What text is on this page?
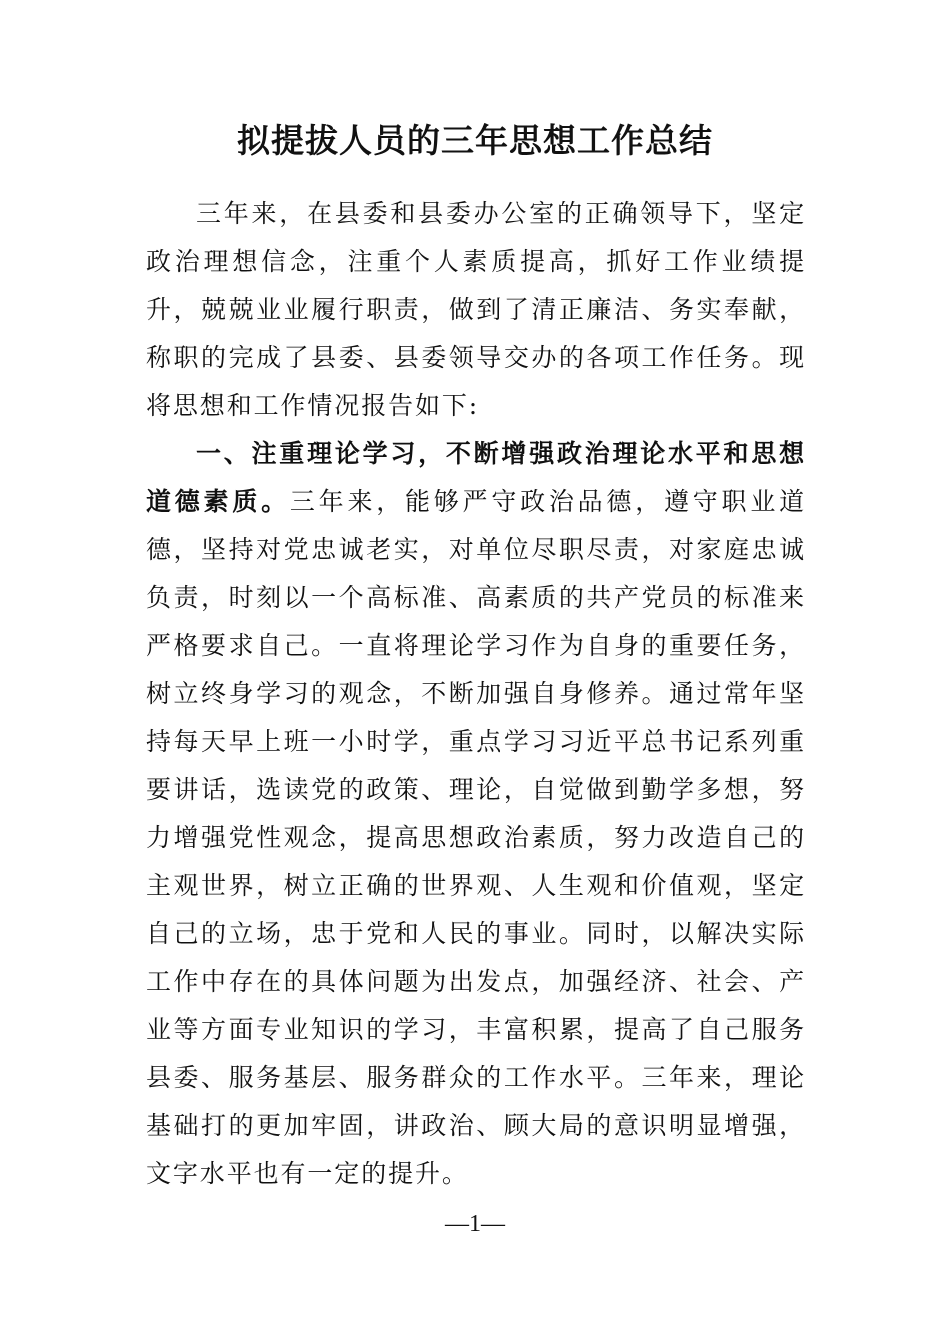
拟提拔人员的三年思想工作总结

三年来，在县委和县委办公室的正确领导下，坚定政治理想信念，注重个人素质提高，抓好工作业绩提升，兢兢业业履行职责，做到了清正廉洁、务实奉献，称职的完成了县委、县委领导交办的各项工作任务。现将思想和工作情况报告如下:

一、注重理论学习，不断增强政治理论水平和思想道德素质。三年来，能够严守政治品德，遵守职业道德，坚持对党忠诚老实，对单位尽职尽责，对家庭忠诚负责，时刻以一个高标准、高素质的共产党员的标准来严格要求自己。一直将理论学习作为自身的重要任务，树立终身学习的观念，不断加强自身修养。通过常年坚持每天早上班一小时学，重点学习习近平总书记系列重要讲话，选读党的政策、理论，自觉做到勤学多想，努力增强党性观念，提高思想政治素质，努力改造自己的主观世界，树立正确的世界观、人生观和价值观，坚定自己的立场，忠于党和人民的事业。同时，以解决实际工作中存在的具体问题为出发点，加强经济、社会、产业等方面专业知识的学习，丰富积累，提高了自己服务县委、服务基层、服务群众的工作水平。三年来，理论基础打的更加牢固，讲政治、顾大局的意识明显增强，文字水平也有一定的提升。

—1—
